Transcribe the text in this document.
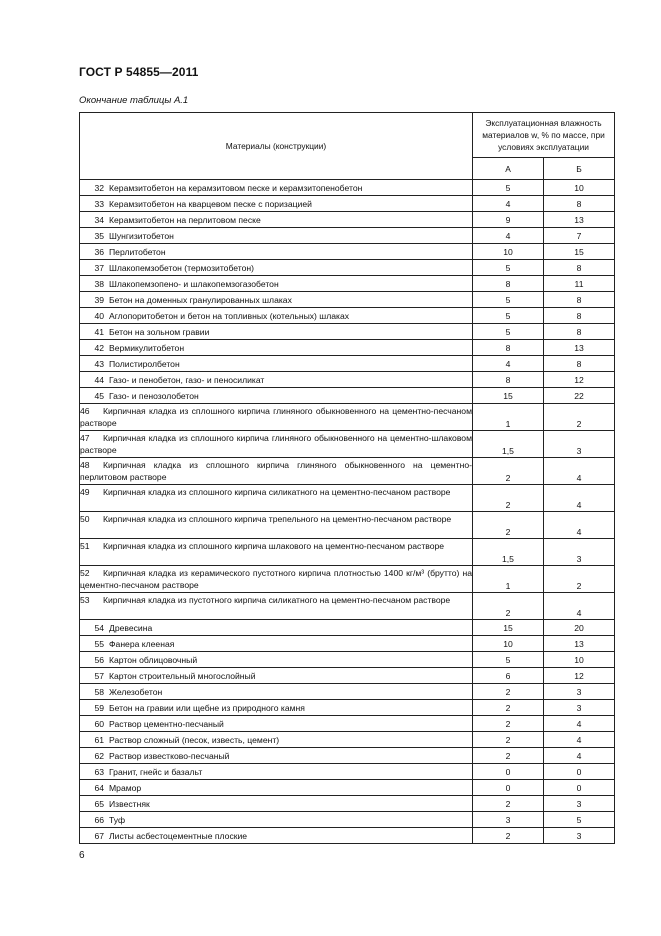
ГОСТ Р 54855—2011
Окончание таблицы А.1
Материалы (конструкции)	Эксплуатационная влажность материалов w, % по массе, при условиях эксплуатации	
	А	Б
32 Керамзитобетон на керамзитовом песке и керамзитопенобетон	5	10
33 Керамзитобетон на кварцевом песке с поризацией	4	8
34 Керамзитобетон на перлитовом песке	9	13
35 Шунгизитобетон	4	7
36 Перлитобетон	10	15
37 Шлакопемзобетон (термозитобетон)	5	8
38 Шлакопемзопено- и шлакопемзогазобетон	8	11
39 Бетон на доменных гранулированных шлаках	5	8
40 Аглопоритобетон и бетон на топливных (котельных) шлаках	5	8
41 Бетон на зольном гравии	5	8
42 Вермикулитобетон	8	13
43 Полистиролбетон	4	8
44 Газо- и пенобетон, газо- и пеносиликат	8	12
45 Газо- и пенозолобетон	15	22
46 Кирпичная кладка из сплошного кирпича глиняного обыкновенного на цементно-песчаном растворе	1	2
47 Кирпичная кладка из сплошного кирпича глиняного обыкновенного на цементно-шлаковом растворе	1,5	3
48 Кирпичная кладка из сплошного кирпича глиняного обыкновенного на цементно-перлитовом растворе	2	4
49 Кирпичная кладка из сплошного кирпича силикатного на цементно-песчаном растворе	2	4
50 Кирпичная кладка из сплошного кирпича трепельного на цементно-песчаном растворе	2	4
51 Кирпичная кладка из сплошного кирпича шлакового на цементно-песчаном растворе	1,5	3
52 Кирпичная кладка из керамического пустотного кирпича плотностью 1400 кг/м³ (брутто) на цементно-песчаном растворе	1	2
53 Кирпичная кладка из пустотного кирпича силикатного на цементно-песчаном растворе	2	4
54 Древесина	15	20
55 Фанера клееная	10	13
56 Картон облицовочный	5	10
57 Картон строительный многослойный	6	12
58 Железобетон	2	3
59 Бетон на гравии или щебне из природного камня	2	3
60 Раствор цементно-песчаный	2	4
61 Раствор сложный (песок, известь, цемент)	2	4
62 Раствор известково-песчаный	2	4
63 Гранит, гнейс и базальт	0	0
64 Мрамор	0	0
65 Известняк	2	3
66 Туф	3	5
67 Листы асбестоцементные плоские	2	3
6
